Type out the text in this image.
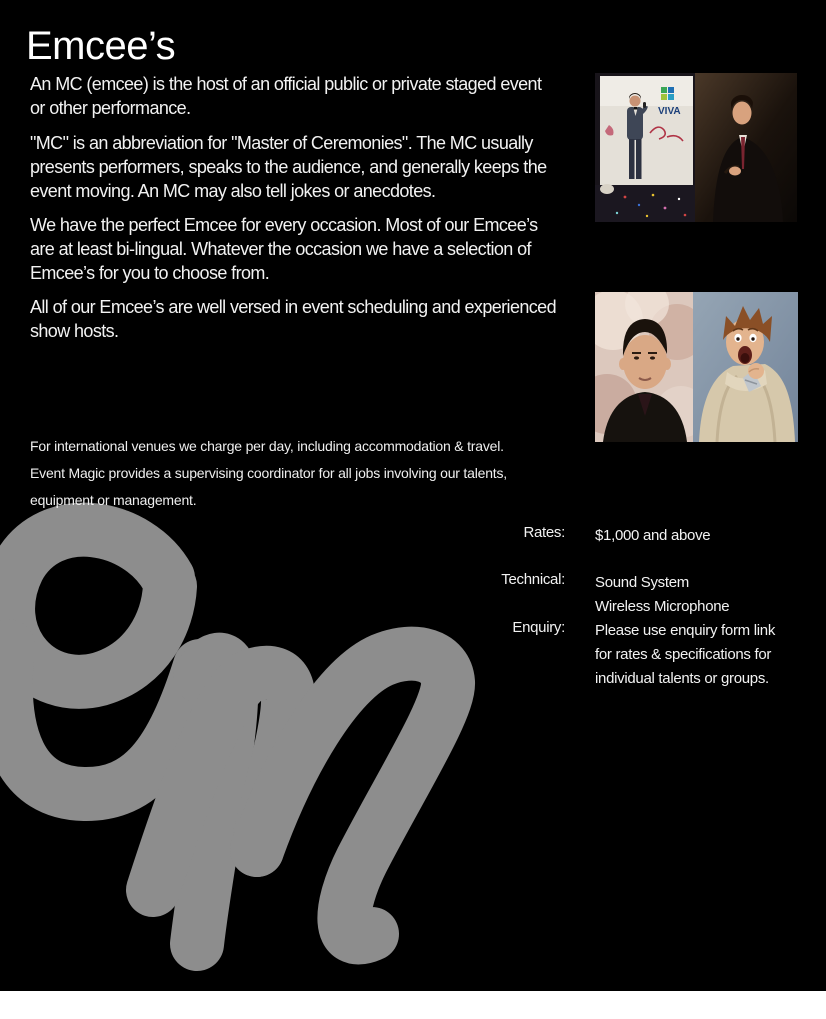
Emcee’s
An MC (emcee) is the host of an official public or private staged event
or other performance.
"MC" is an abbreviation for "Master of Ceremonies". The MC usually
presents performers, speaks to the audience, and generally keeps the
event moving. An MC may also tell jokes or anecdotes.
We have the perfect Emcee for every occasion. Most of our Emcee’s
are at least bi-lingual. Whatever the occasion we have a selection of
Emcee’s for you to choose from.
All of our Emcee’s are well versed in event scheduling and experienced
show hosts.
For international venues we charge per day, including accommodation & travel.
Event Magic provides a supervising coordinator for all jobs involving our talents,
equipment or management.
Rates: $1,000 and above
Technical: Sound System
Wireless Microphone
Enquiry: Please use enquiry form link
for rates & specifications for
individual talents or groups.
VIVA
